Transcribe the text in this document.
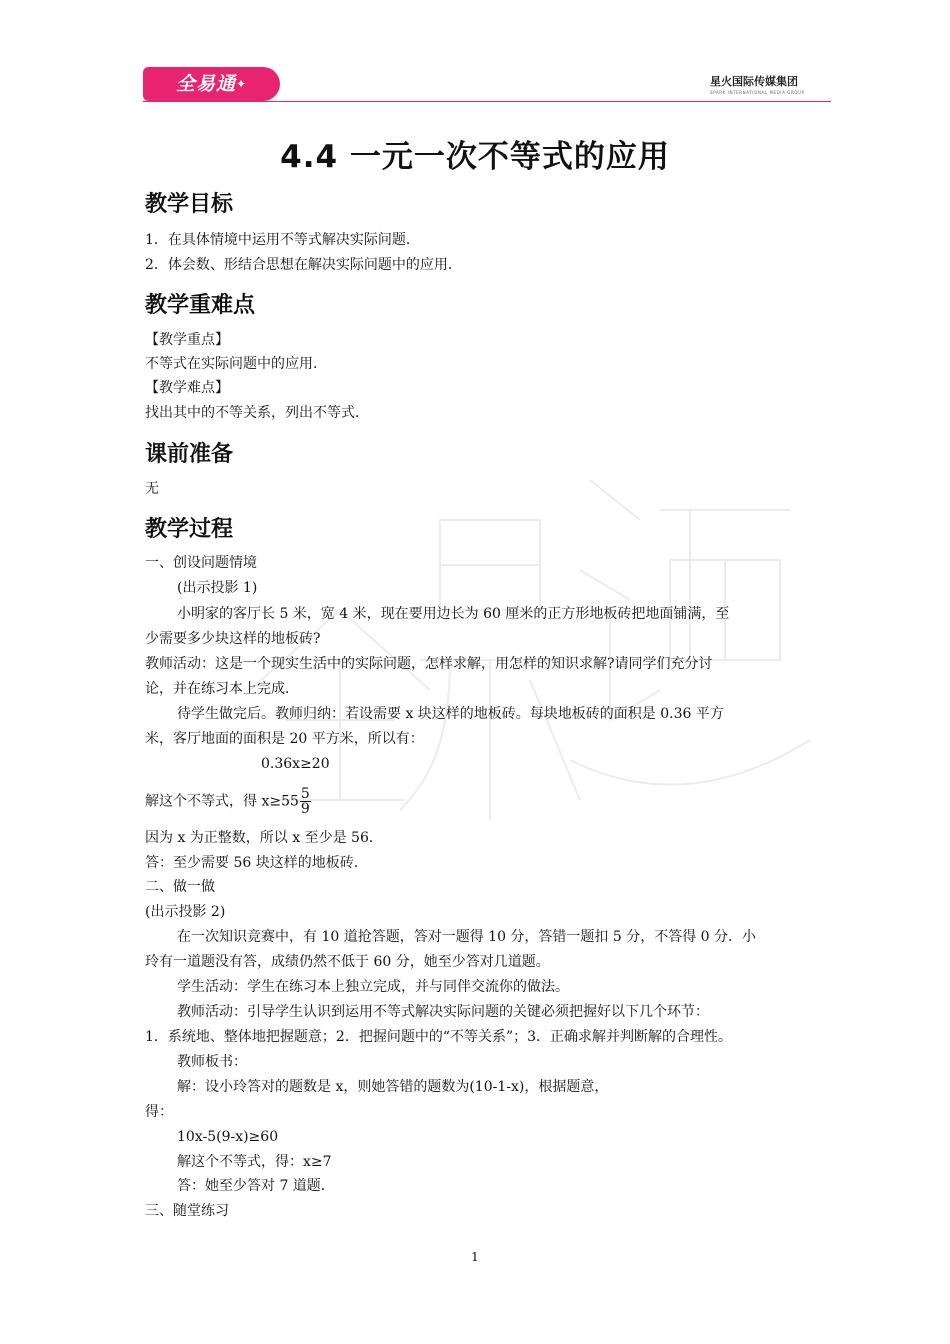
全易通✦	星火国际传媒集团
SPARK INTERNATIONAL MEDIA GROUP
4.4 一元一次不等式的应用
教学目标
1．在具体情境中运用不等式解决实际问题．
2．体会数、形结合思想在解决实际问题中的应用．
教学重难点
【教学重点】
不等式在实际问题中的应用．
【教学难点】
找出其中的不等关系，列出不等式．
课前准备
无
教学过程
一、创设问题情境
(出示投影 1)
小明家的客厅长 5 米，宽 4 米，现在要用边长为 60 厘米的正方形地板砖把地面铺满，至
少需要多少块这样的地板砖?
教师活动：这是一个现实生活中的实际问题，怎样求解，用怎样的知识求解?请同学们充分讨
论，并在练习本上完成．
待学生做完后。教师归纳：若设需要 x 块这样的地板砖。每块地板砖的面积是 0.36 平方
米，客厅地面的面积是 20 平方米，所以有：
0.36x≥20
解这个不等式，得 $x\ge 55 \frac{5}{9}$
因为 x 为正整数，所以 x 至少是 56．
答：至少需要 56 块这样的地板砖．
二、做一做
(出示投影 2)
在一次知识竞赛中，有 10 道抢答题，答对一题得 10 分，答错一题扣 5 分，不答得 0 分．小
玲有一道题没有答，成绩仍然不低于 60 分，她至少答对几道题。
学生活动：学生在练习本上独立完成，并与同伴交流你的做法。
教师活动：引导学生认识到运用不等式解决实际问题的关键必须把握好以下几个环节：
1．系统地、整体地把握题意；2．把握问题中的“不等关系”；3．正确求解并判断解的合理性。
教师板书：
解：设小玲答对的题数是 x，则她答错的题数为(10-1-x)，根据题意，
得：
10x-5(9-x)≥60
解这个不等式，得：x≥7
答：她至少答对 7 道题．
三、随堂练习
1
